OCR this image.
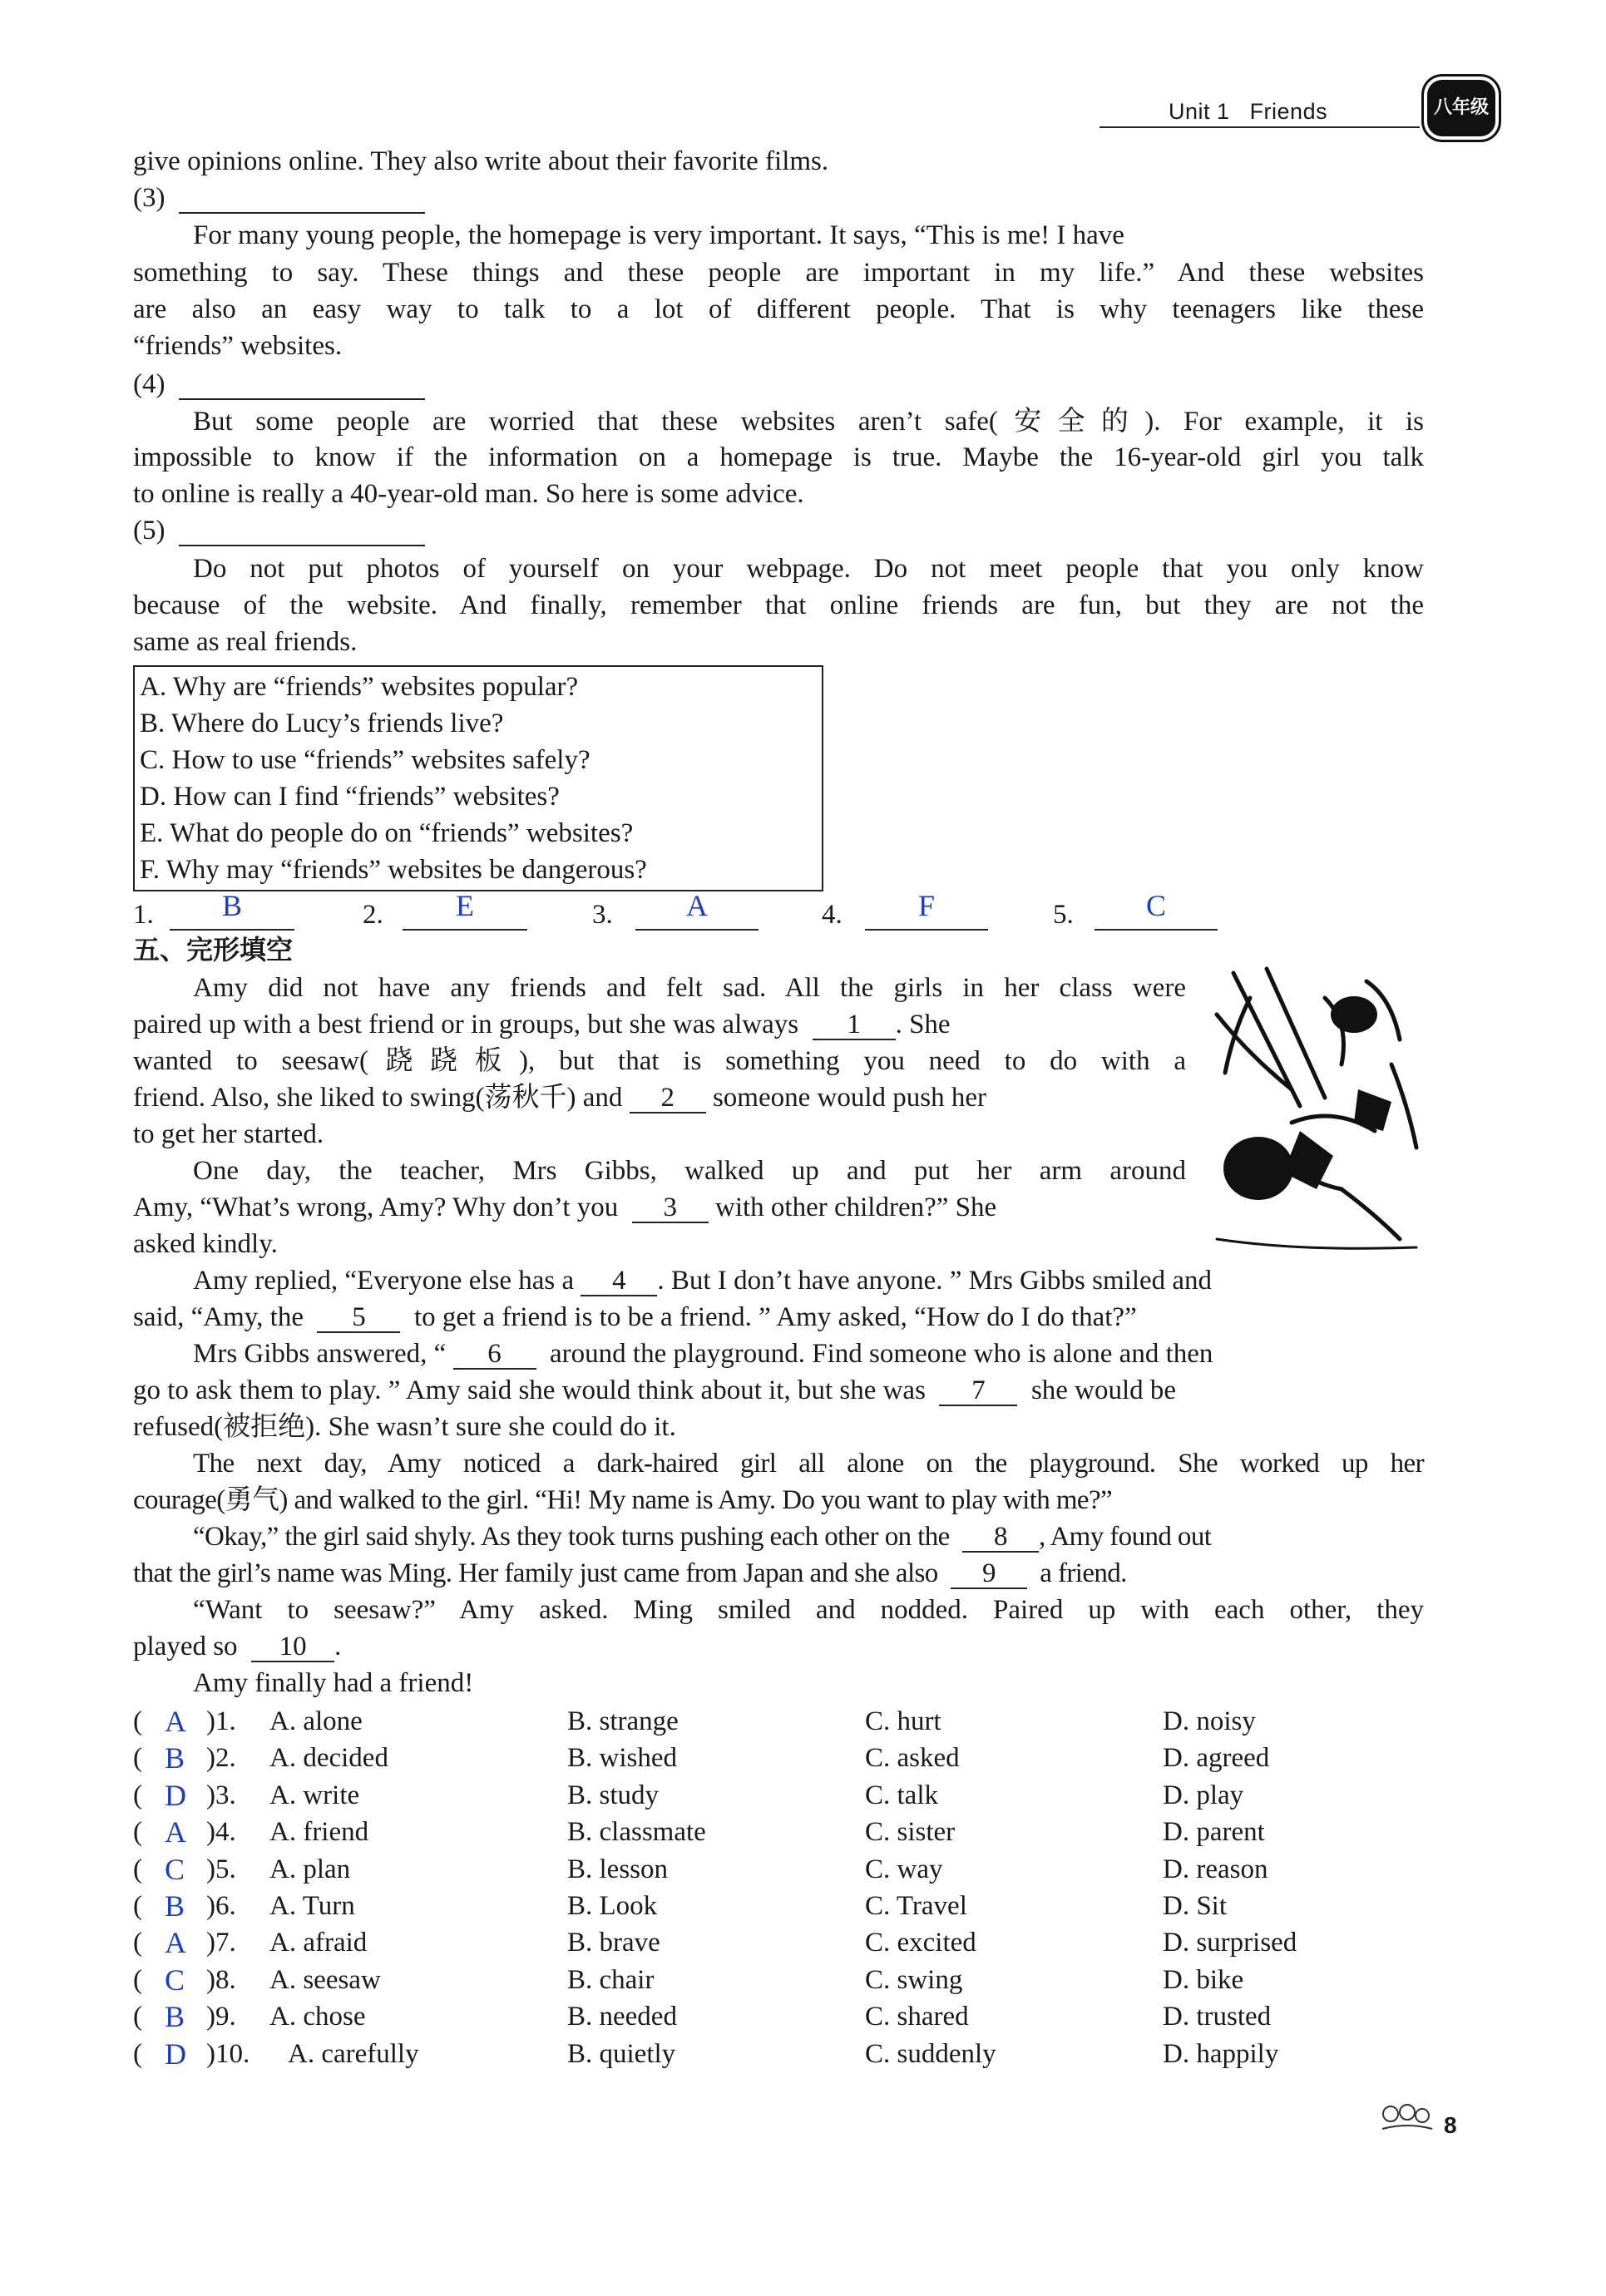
Unit 1 Friends	八年级
give opinions online. They also write about their favorite films.
(3)
For many young people, the homepage is very important. It says, “This is me! I have
something to say. These things and these people are important in my life.” And these websites
are also an easy way to talk to a lot of different people. That is why teenagers like these
“friends” websites.
(4)
But some people are worried that these websites aren’t safe(安全的). For example, it is
impossible to know if the information on a homepage is true. Maybe the 16-year-old girl you talk
to online is really a 40-year-old man. So here is some advice.
(5)
Do not put photos of yourself on your webpage. Do not meet people that you only know
because of the website. And finally, remember that online friends are fun, but they are not the
same as real friends.
A. Why are “friends” websites popular?
B. Where do Lucy’s friends live?
C. How to use “friends” websites safely?
D. How can I find “friends” websites?
E. What do people do on “friends” websites?
F. Why may “friends” websites be dangerous?
1.	B	2.	E	3.	A	4.	F	5.	C
五、完形填空
Amy did not have any friends and felt sad. All the girls in her class were
paired up with a best friend or in groups, but she was always 1 . She
wanted to seesaw(跷跷板), but that is something you need to do with a
friend. Also, she liked to swing(荡秋千) and 2 someone would push her
to get her started.
One day, the teacher, Mrs Gibbs, walked up and put her arm around
Amy, “What’s wrong, Amy? Why don’t you 3 with other children?” She
asked kindly.
Amy replied, “Everyone else has a 4 . But I don’t have anyone. ” Mrs Gibbs smiled and
said, “Amy, the 5 to get a friend is to be a friend. ” Amy asked, “How do I do that?”
Mrs Gibbs answered, “ 6 around the playground. Find someone who is alone and then
go to ask them to play. ” Amy said she would think about it, but she was 7 she would be
refused(被拒绝). She wasn’t sure she could do it.
The next day, Amy noticed a dark-haired girl all alone on the playground. She worked up her
courage(勇气) and walked to the girl. “Hi! My name is Amy. Do you want to play with me?”
“Okay,” the girl said shyly. As they took turns pushing each other on the 8 , Amy found out
that the girl’s name was Ming. Her family just came from Japan and she also 9 a friend.
“Want to seesaw?” Amy asked. Ming smiled and nodded. Paired up with each other, they
played so 10 .
Amy finally had a friend!
( A )1. A. alone	B. strange	C. hurt	D. noisy
( B )2. A. decided	B. wished	C. asked	D. agreed
( D )3. A. write	B. study	C. talk	D. play
( A )4. A. friend	B. classmate	C. sister	D. parent
( C )5. A. plan	B. lesson	C. way	D. reason
( B )6. A. Turn	B. Look	C. Travel	D. Sit
( A )7. A. afraid	B. brave	C. excited	D. surprised
( C )8. A. seesaw	B. chair	C. swing	D. bike
( B )9. A. chose	B. needed	C. shared	D. trusted
( D )10. A. carefully	B. quietly	C. suddenly	D. happily
8
